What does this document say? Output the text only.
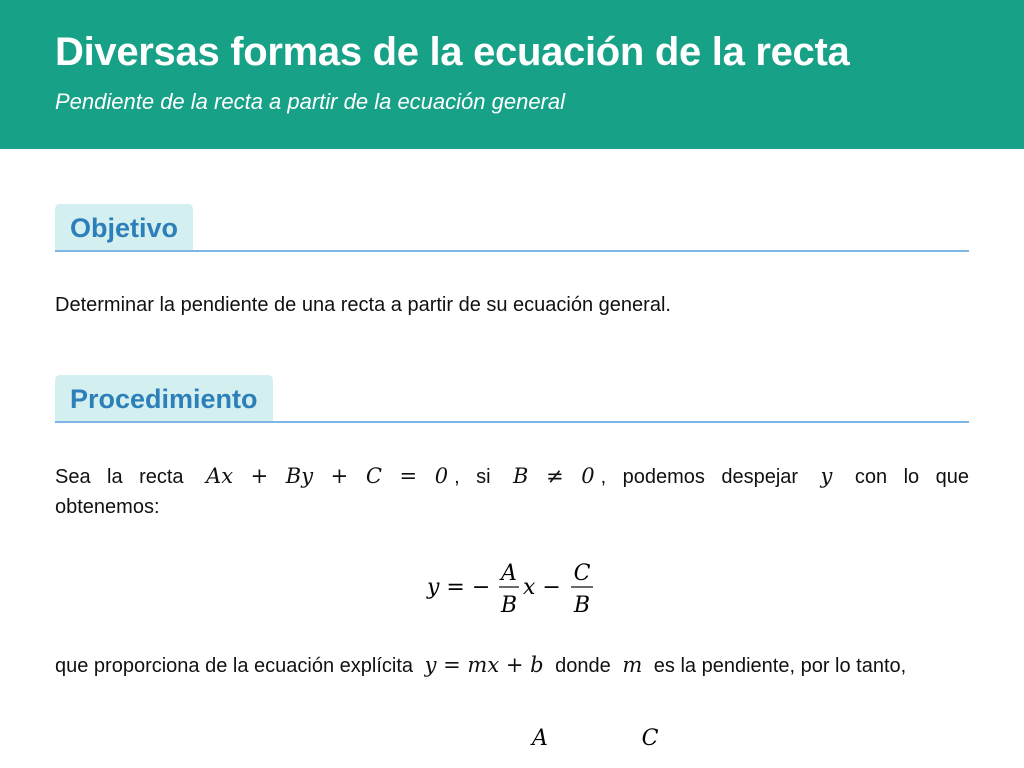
Diversas formas de la ecuación de la recta
Pendiente de la recta a partir de la ecuación general
Objetivo

Determinar la pendiente de una recta a partir de su ecuación general.

Procedimiento

Sea la recta Ax + By + C = 0 , si B ≠ 0 , podemos despejar y con lo que obtenemos:

y = −
A
B
x −
C
B

que proporciona de la ecuación explícita y = mx + b donde m es la pendiente, por lo tanto,

A	C
